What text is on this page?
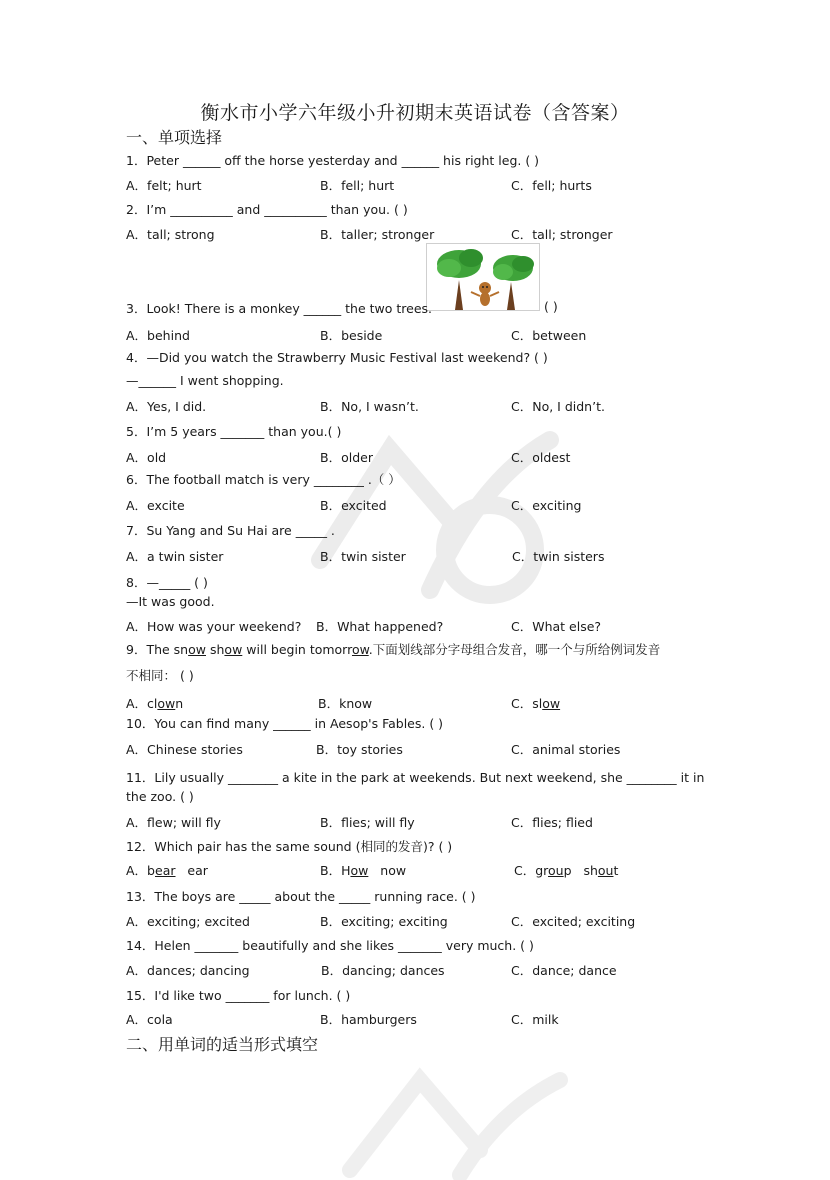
衡水市小学六年级小升初期末英语试卷（含答案）
一、单项选择
1．Peter ______ off the horse yesterday and ______ his right leg. ( )
A．felt; hurt	B．fell; hurt	C．fell; hurts
2．I’m __________ and __________ than you. ( )
A．tall; strong	B．taller; stronger	C．tall; stronger
3．Look! There is a monkey ______ the two trees.	( )
A．behind	B．beside	C．between
4．—Did you watch the Strawberry Music Festival last weekend? ( )
—______ I went shopping.
A．Yes, I did.	B．No, I wasn’t.	C．No, I didn’t.
5．I’m 5 years _______ than you.( )
A．old	B．older	C．oldest
6．The football match is very ________ .（ ）
A．excite	B．excited	C．exciting
7．Su Yang and Su Hai are _____ .
A．a twin sister	B．twin sister	C．twin sisters
8．—_____ ( )
—It was good.
A．How was your weekend? B．What happened?	C．What else?
9．The snow show will begin tomorrow.下面划线部分字母组合发音，哪一个与所给例词发音
不相同： ( )
A．clown	B．know	C．slow
10．You can find many ______ in Aesop's Fables. ( )
A．Chinese stories	B．toy stories	C．animal stories
11．Lily usually ________ a kite in the park at weekends. But next weekend, she ________ it in
the zoo. ( )
A．flew; will fly	B．flies; will fly	C．flies; flied
12．Which pair has the same sound (相同的发音)? ( )
A．bear   ear	B．How   now	C．group   shout
13．The boys are _____ about the _____ running race. ( )
A．exciting; excited	B．exciting; exciting	C．excited; exciting
14．Helen _______ beautifully and she likes _______ very much. ( )
A．dances; dancing	B．dancing; dances	C．dance; dance
15．I'd like two _______ for lunch. ( )
A．cola	B．hamburgers	C．milk
二、用单词的适当形式填空
